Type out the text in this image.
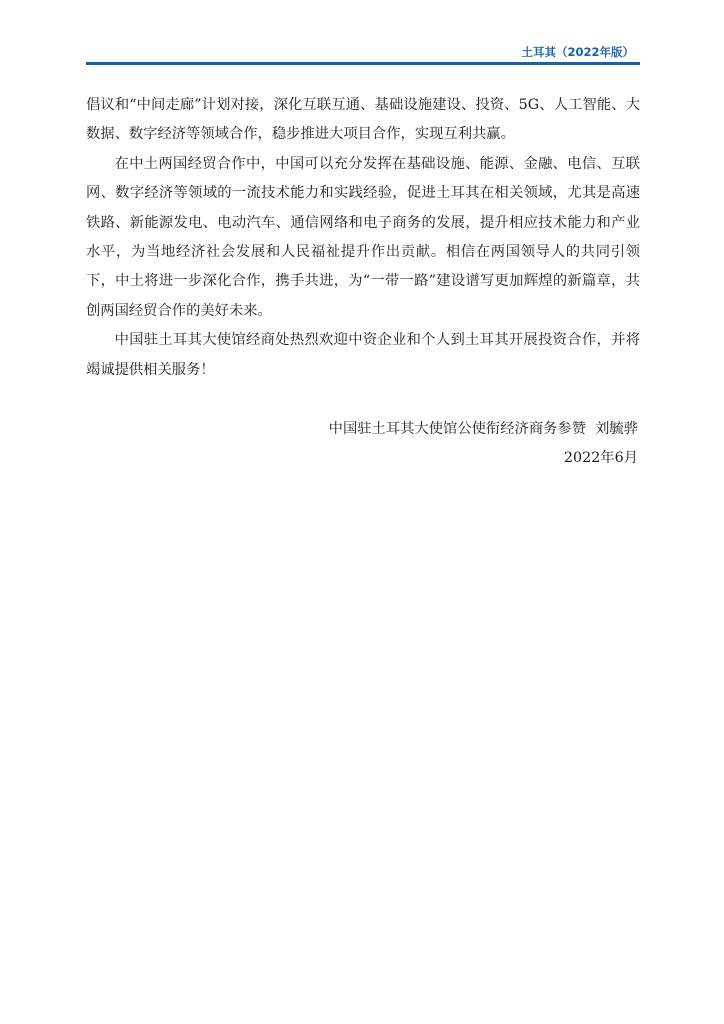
土耳其（2022年版）

倡议和“中间走廊”计划对接，深化互联互通、基础设施建设、投资、5G、人工智能、大数据、数字经济等领域合作，稳步推进大项目合作，实现互利共赢。

在中土两国经贸合作中，中国可以充分发挥在基础设施、能源、金融、电信、互联网、数字经济等领域的一流技术能力和实践经验，促进土耳其在相关领域，尤其是高速铁路、新能源发电、电动汽车、通信网络和电子商务的发展，提升相应技术能力和产业水平，为当地经济社会发展和人民福祉提升作出贡献。相信在两国领导人的共同引领下，中土将进一步深化合作，携手共进，为“一带一路”建设谱写更加辉煌的新篇章，共创两国经贸合作的美好未来。

中国驻土耳其大使馆经商处热烈欢迎中资企业和个人到土耳其开展投资合作，并将竭诚提供相关服务！

中国驻土耳其大使馆公使衔经济商务参赞  刘毓骅
2022年6月
